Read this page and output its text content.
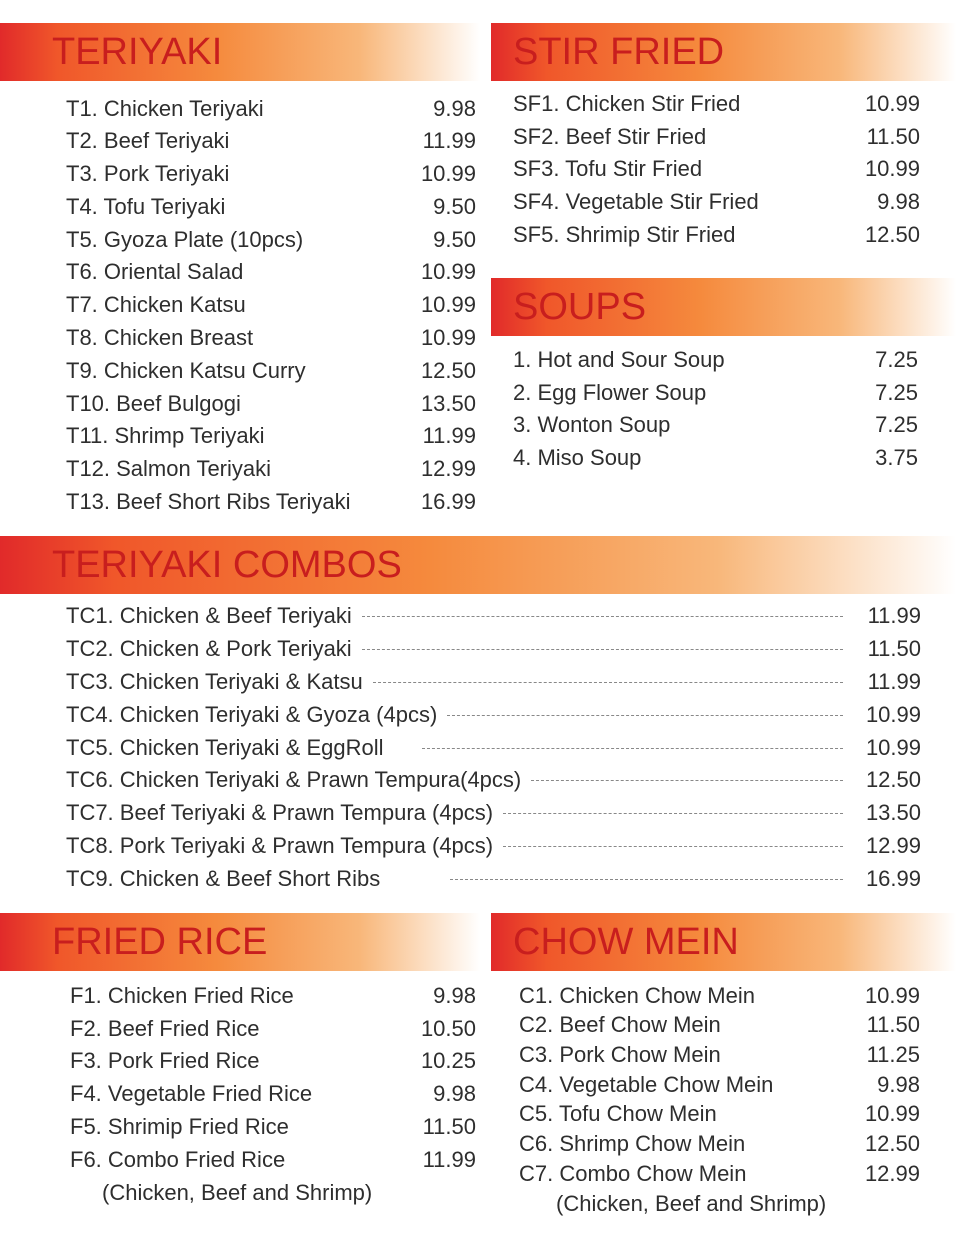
TERIYAKI
T1. Chicken Teriyaki	9.98
T2. Beef Teriyaki	11.99
T3. Pork Teriyaki	10.99
T4. Tofu Teriyaki	9.50
T5. Gyoza Plate (10pcs)	9.50
T6. Oriental Salad	10.99
T7. Chicken Katsu	10.99
T8. Chicken Breast	10.99
T9. Chicken Katsu Curry	12.50
T10. Beef Bulgogi	13.50
T11. Shrimp Teriyaki	11.99
T12. Salmon Teriyaki	12.99
T13. Beef Short Ribs Teriyaki	16.99
STIR FRIED
SF1. Chicken Stir Fried	10.99
SF2. Beef Stir Fried	11.50
SF3. Tofu Stir Fried	10.99
SF4. Vegetable Stir Fried	9.98
SF5. Shrimip Stir Fried	12.50
SOUPS
1. Hot and Sour Soup	7.25
2. Egg Flower Soup	7.25
3. Wonton Soup	7.25
4. Miso Soup	3.75
TERIYAKI COMBOS
TC1. Chicken & Beef Teriyaki	11.99
TC2. Chicken & Pork Teriyaki	11.50
TC3. Chicken Teriyaki & Katsu	11.99
TC4. Chicken Teriyaki & Gyoza (4pcs)	10.99
TC5. Chicken Teriyaki & EggRoll	10.99
TC6. Chicken Teriyaki & Prawn Tempura(4pcs)	12.50
TC7. Beef Teriyaki & Prawn Tempura (4pcs)	13.50
TC8. Pork Teriyaki & Prawn Tempura (4pcs)	12.99
TC9. Chicken & Beef Short Ribs	16.99
FRIED RICE
F1. Chicken Fried Rice	9.98
F2. Beef Fried Rice	10.50
F3. Pork Fried Rice	10.25
F4. Vegetable Fried Rice	9.98
F5. Shrimip Fried Rice	11.50
F6. Combo Fried Rice	11.99
(Chicken, Beef and Shrimp)
CHOW MEIN
C1. Chicken Chow Mein	10.99
C2. Beef Chow Mein	11.50
C3. Pork Chow Mein	11.25
C4. Vegetable Chow Mein	9.98
C5. Tofu Chow Mein	10.99
C6. Shrimp Chow Mein	12.50
C7. Combo Chow Mein	12.99
(Chicken, Beef and Shrimp)
